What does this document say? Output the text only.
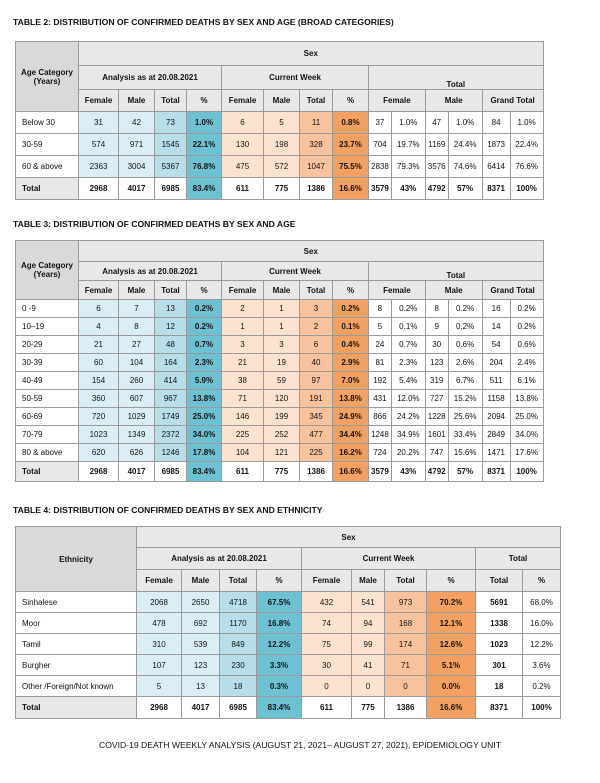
TABLE 2: DISTRIBUTION OF CONFIRMED DEATHS BY SEX AND AGE (BROAD CATEGORIES)
Age Category (Years)	Sex													
	Analysis as at 20.08.2021				Current Week				Total					
	Female	Male	Total	%	Female	Male	Total	%	Female		Male		Grand Total	
Below 30	31	42	73	1.0%	6	5	11	0.8%	37	1.0%	47	1.0%	84	1.0%
30-59	574	971	1545	22.1%	130	198	328	23.7%	704	19.7%	1169	24.4%	1873	22.4%
60 & above	2363	3004	5367	76.8%	475	572	1047	75.5%	2838	79.3%	3576	74.6%	6414	76.6%
Total	2968	4017	6985	83.4%	611	775	1386	16.6%	3579	43%	4792	57%	8371	100%
TABLE 3: DISTRIBUTION OF CONFIRMED DEATHS BY SEX AND AGE
Age Category (Years)	Sex													
	Analysis as at 20.08.2021				Current Week				Total					
	Female	Male	Total	%	Female	Male	Total	%	Female		Male		Grand Total	
0 -9	6	7	13	0.2%	2	1	3	0.2%	8	0.2%	8	0.2%	16	0.2%
10–19	4	8	12	0.2%	1	1	2	0.1%	5	0.1%	9	0.2%	14	0.2%
20-29	21	27	48	0.7%	3	3	6	0.4%	24	0.7%	30	0.6%	54	0.6%
30-39	60	104	164	2.3%	21	19	40	2.9%	81	2.3%	123	2.6%	204	2.4%
40-49	154	260	414	5.9%	38	59	97	7.0%	192	5.4%	319	6.7%	511	6.1%
50-59	360	607	967	13.8%	71	120	191	13.8%	431	12.0%	727	15.2%	1158	13.8%
60-69	720	1029	1749	25.0%	146	199	345	24.9%	866	24.2%	1228	25.6%	2094	25.0%
70-79	1023	1349	2372	34.0%	225	252	477	34.4%	1248	34.9%	1601	33.4%	2849	34.0%
80 & above	620	626	1246	17.8%	104	121	225	16.2%	724	20.2%	747	15.6%	1471	17.6%
Total	2968	4017	6985	83.4%	611	775	1386	16.6%	3579	43%	4792	57%	8371	100%
TABLE 4: DISTRIBUTION OF CONFIRMED DEATHS BY SEX AND ETHNICITY
Ethnicity	Sex									
	Analysis as at 20.08.2021				Current Week				Total	
	Female	Male	Total	%	Female	Male	Total	%	Total	%
Sinhalese	2068	2650	4718	67.5%	432	541	973	70.2%	5691	68.0%
Moor	478	692	1170	16.8%	74	94	168	12.1%	1338	16.0%
Tamil	310	539	849	12.2%	75	99	174	12.6%	1023	12.2%
Burgher	107	123	230	3.3%	30	41	71	5.1%	301	3.6%
Other /Foreign/Not known	5	13	18	0.3%	0	0	0	0.0%	18	0.2%
Total	2968	4017	6985	83.4%	611	775	1386	16.6%	8371	100%
COVID-19 DEATH WEEKLY ANALYSIS (AUGUST 21, 2021– AUGUST 27, 2021), EPIDEMIOLOGY UNIT
